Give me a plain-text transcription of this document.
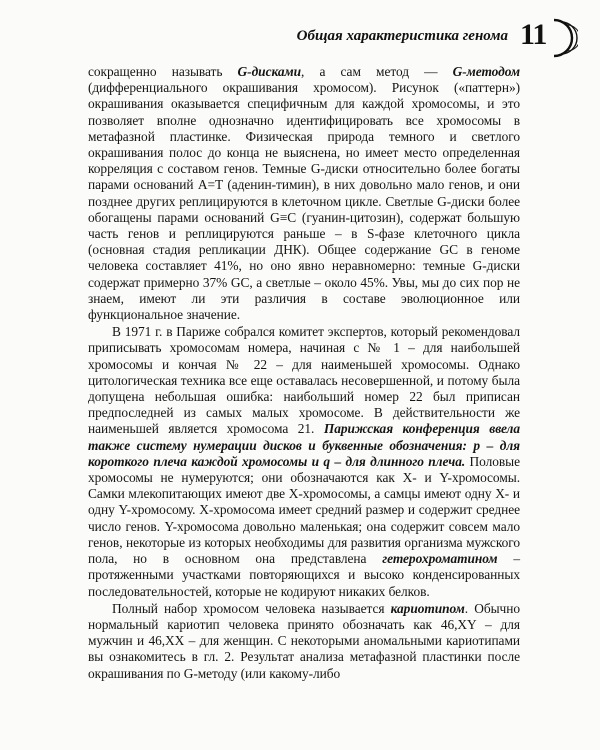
Общая характеристика генома 11

сокращенно называть G-дисками, а сам метод — G-методом (дифференциального окрашивания хромосом). Рисунок («паттерн») окрашивания оказывается специфичным для каждой хромосомы, и это позволяет вполне однозначно идентифицировать все хромосомы в метафазной пластинке. Физическая природа темного и светлого окрашивания полос до конца не выяснена, но имеет место определенная корреляция с составом генов. Темные G-диски относительно более богаты парами оснований A=T (аденин-тимин), в них довольно мало генов, и они позднее других реплицируются в клеточном цикле. Светлые G-диски более обогащены парами оснований G≡C (гуанин-цитозин), содержат большую часть генов и реплицируются раньше – в S-фазе клеточного цикла (основная стадия репликации ДНК). Общее содержание GC в геноме человека составляет 41%, но оно явно неравномерно: темные G-диски содержат примерно 37% GC, а светлые – около 45%. Увы, мы до сих пор не знаем, имеют ли эти различия в составе эволюционное или функциональное значение.

В 1971 г. в Париже собрался комитет экспертов, который рекомендовал приписывать хромосомам номера, начиная с № 1 – для наибольшей хромосомы и кончая № 22 – для наименьшей хромосомы. Однако цитологическая техника все еще оставалась несовершенной, и потому была допущена небольшая ошибка: наибольший номер 22 был приписан предпоследней из самых малых хромосоме. В действительности же наименьшей является хромосома 21. Парижская конференция ввела также систему нумерации дисков и буквенные обозначения: p – для короткого плеча каждой хромосомы и q – для длинного плеча. Половые хромосомы не нумеруются; они обозначаются как X- и Y-хромосомы. Самки млекопитающих имеют две X-хромосомы, а самцы имеют одну X- и одну Y-хромосому. X-хромосома имеет средний размер и содержит среднее число генов. Y-хромосома довольно маленькая; она содержит совсем мало генов, некоторые из которых необходимы для развития организма мужского пола, но в основном она представлена гетерохроматином – протяженными участками повторяющихся и высоко конденсированных последовательностей, которые не кодируют никаких белков.

Полный набор хромосом человека называется кариотипом. Обычно нормальный кариотип человека принято обозначать как 46,XY – для мужчин и 46,XX – для женщин. С некоторыми аномальными кариотипами вы ознакомитесь в гл. 2. Результат анализа метафазной пластинки после окрашивания по G-методу (или какому-либо
